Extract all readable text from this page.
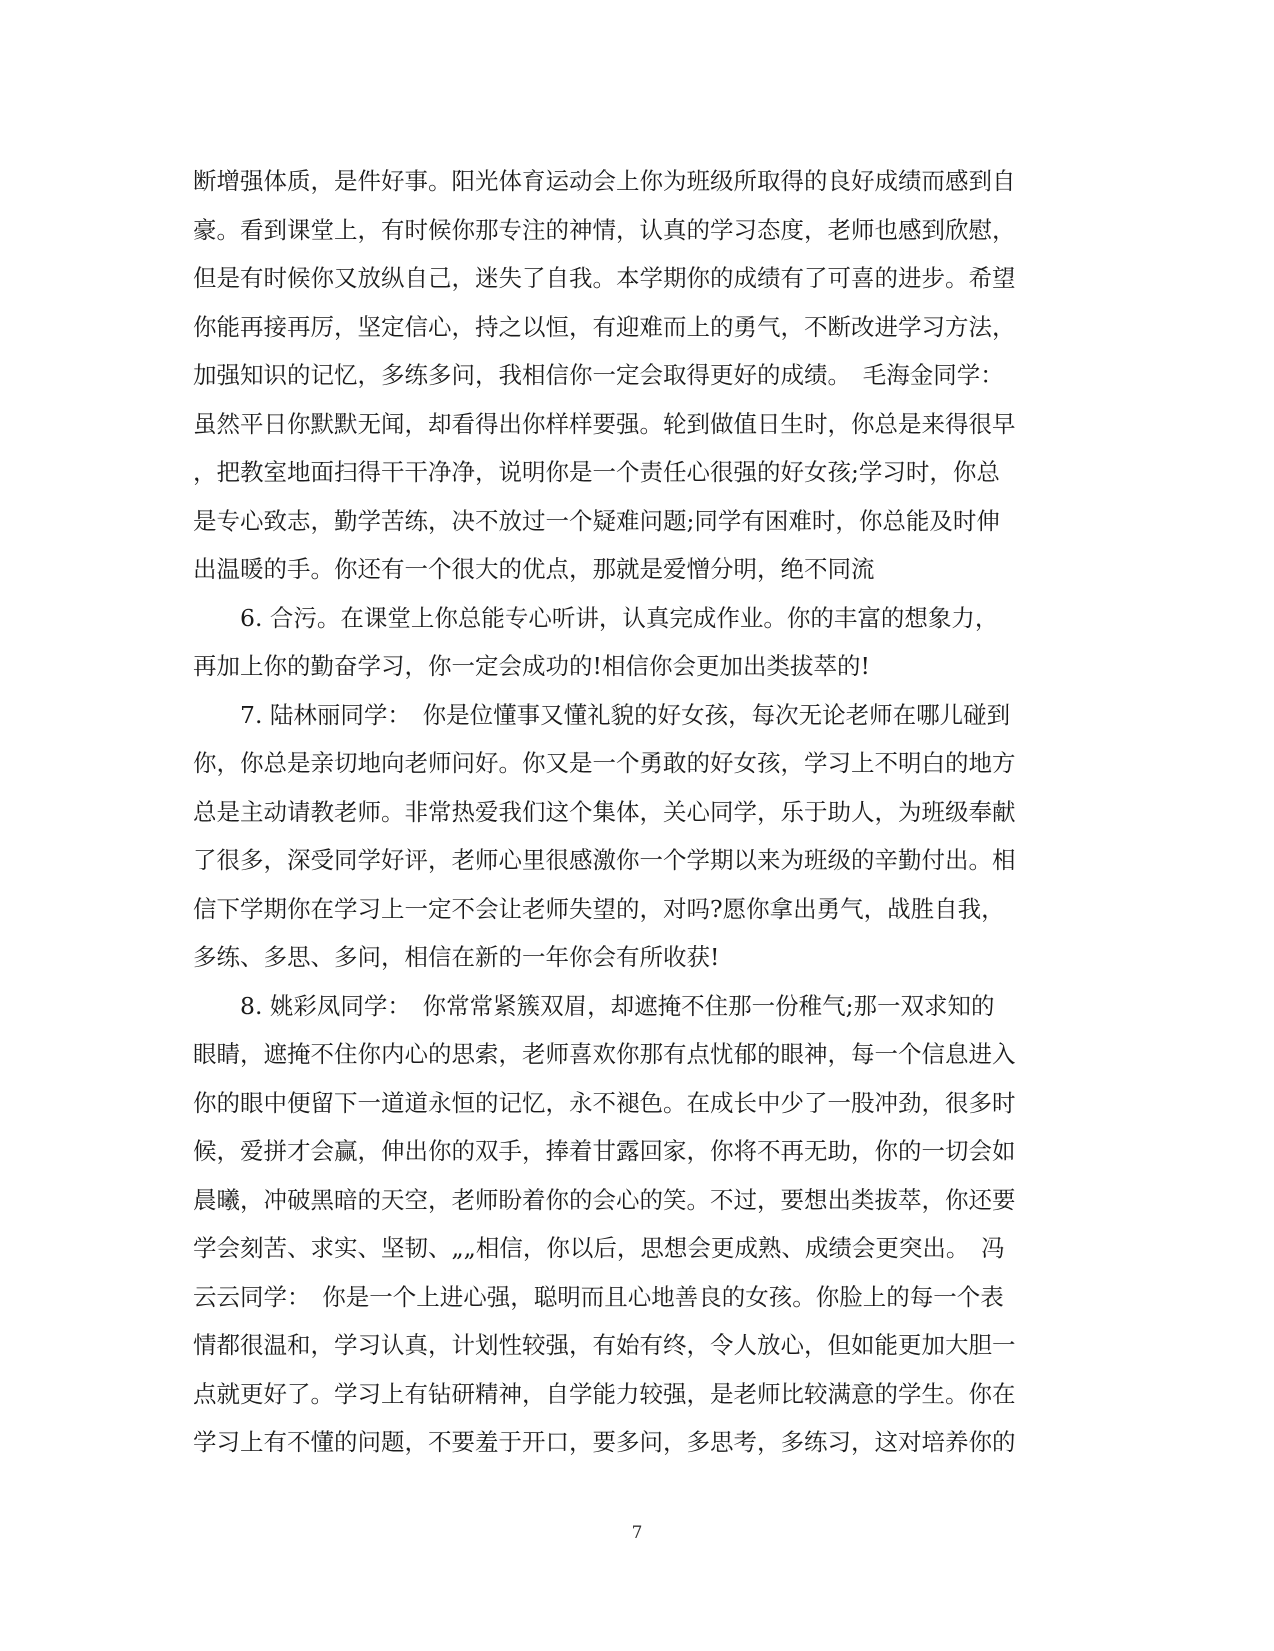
断增强体质，是件好事。阳光体育运动会上你为班级所取得的良好成绩而感到自
豪。看到课堂上，有时候你那专注的神情，认真的学习态度，老师也感到欣慰，
但是有时候你又放纵自己，迷失了自我。本学期你的成绩有了可喜的进步。希望
你能再接再厉，坚定信心，持之以恒，有迎难而上的勇气，不断改进学习方法，
加强知识的记忆，多练多问，我相信你一定会取得更好的成绩。　毛海金同学：
虽然平日你默默无闻，却看得出你样样要强。轮到做值日生时，你总是来得很早
，把教室地面扫得干干净净，说明你是一个责任心很强的好女孩;学习时，你总
是专心致志，勤学苦练，决不放过一个疑难问题;同学有困难时，你总能及时伸
出温暖的手。你还有一个很大的优点，那就是爱憎分明，绝不同流
6. 合污。在课堂上你总能专心听讲，认真完成作业。你的丰富的想象力，
再加上你的勤奋学习，你一定会成功的!相信你会更加出类拔萃的!
7. 陆林丽同学：　你是位懂事又懂礼貌的好女孩，每次无论老师在哪儿碰到
你，你总是亲切地向老师问好。你又是一个勇敢的好女孩，学习上不明白的地方
总是主动请教老师。非常热爱我们这个集体，关心同学，乐于助人，为班级奉献
了很多，深受同学好评，老师心里很感激你一个学期以来为班级的辛勤付出。相
信下学期你在学习上一定不会让老师失望的，对吗?愿你拿出勇气，战胜自我，
多练、多思、多问，相信在新的一年你会有所收获!
8. 姚彩凤同学：　你常常紧簇双眉，却遮掩不住那一份稚气;那一双求知的
眼睛，遮掩不住你内心的思索，老师喜欢你那有点忧郁的眼神，每一个信息进入
你的眼中便留下一道道永恒的记忆，永不褪色。在成长中少了一股冲劲，很多时
候，爱拼才会赢，伸出你的双手，捧着甘露回家，你将不再无助，你的一切会如
晨曦，冲破黑暗的天空，老师盼着你的会心的笑。不过，要想出类拔萃，你还要
学会刻苦、求实、坚韧、„„相信，你以后，思想会更成熟、成绩会更突出。　冯
云云同学：　你是一个上进心强，聪明而且心地善良的女孩。你脸上的每一个表
情都很温和，学习认真，计划性较强，有始有终，令人放心，但如能更加大胆一
点就更好了。学习上有钻研精神，自学能力较强，是老师比较满意的学生。你在
学习上有不懂的问题，不要羞于开口，要多问，多思考，多练习，这对培养你的
7
